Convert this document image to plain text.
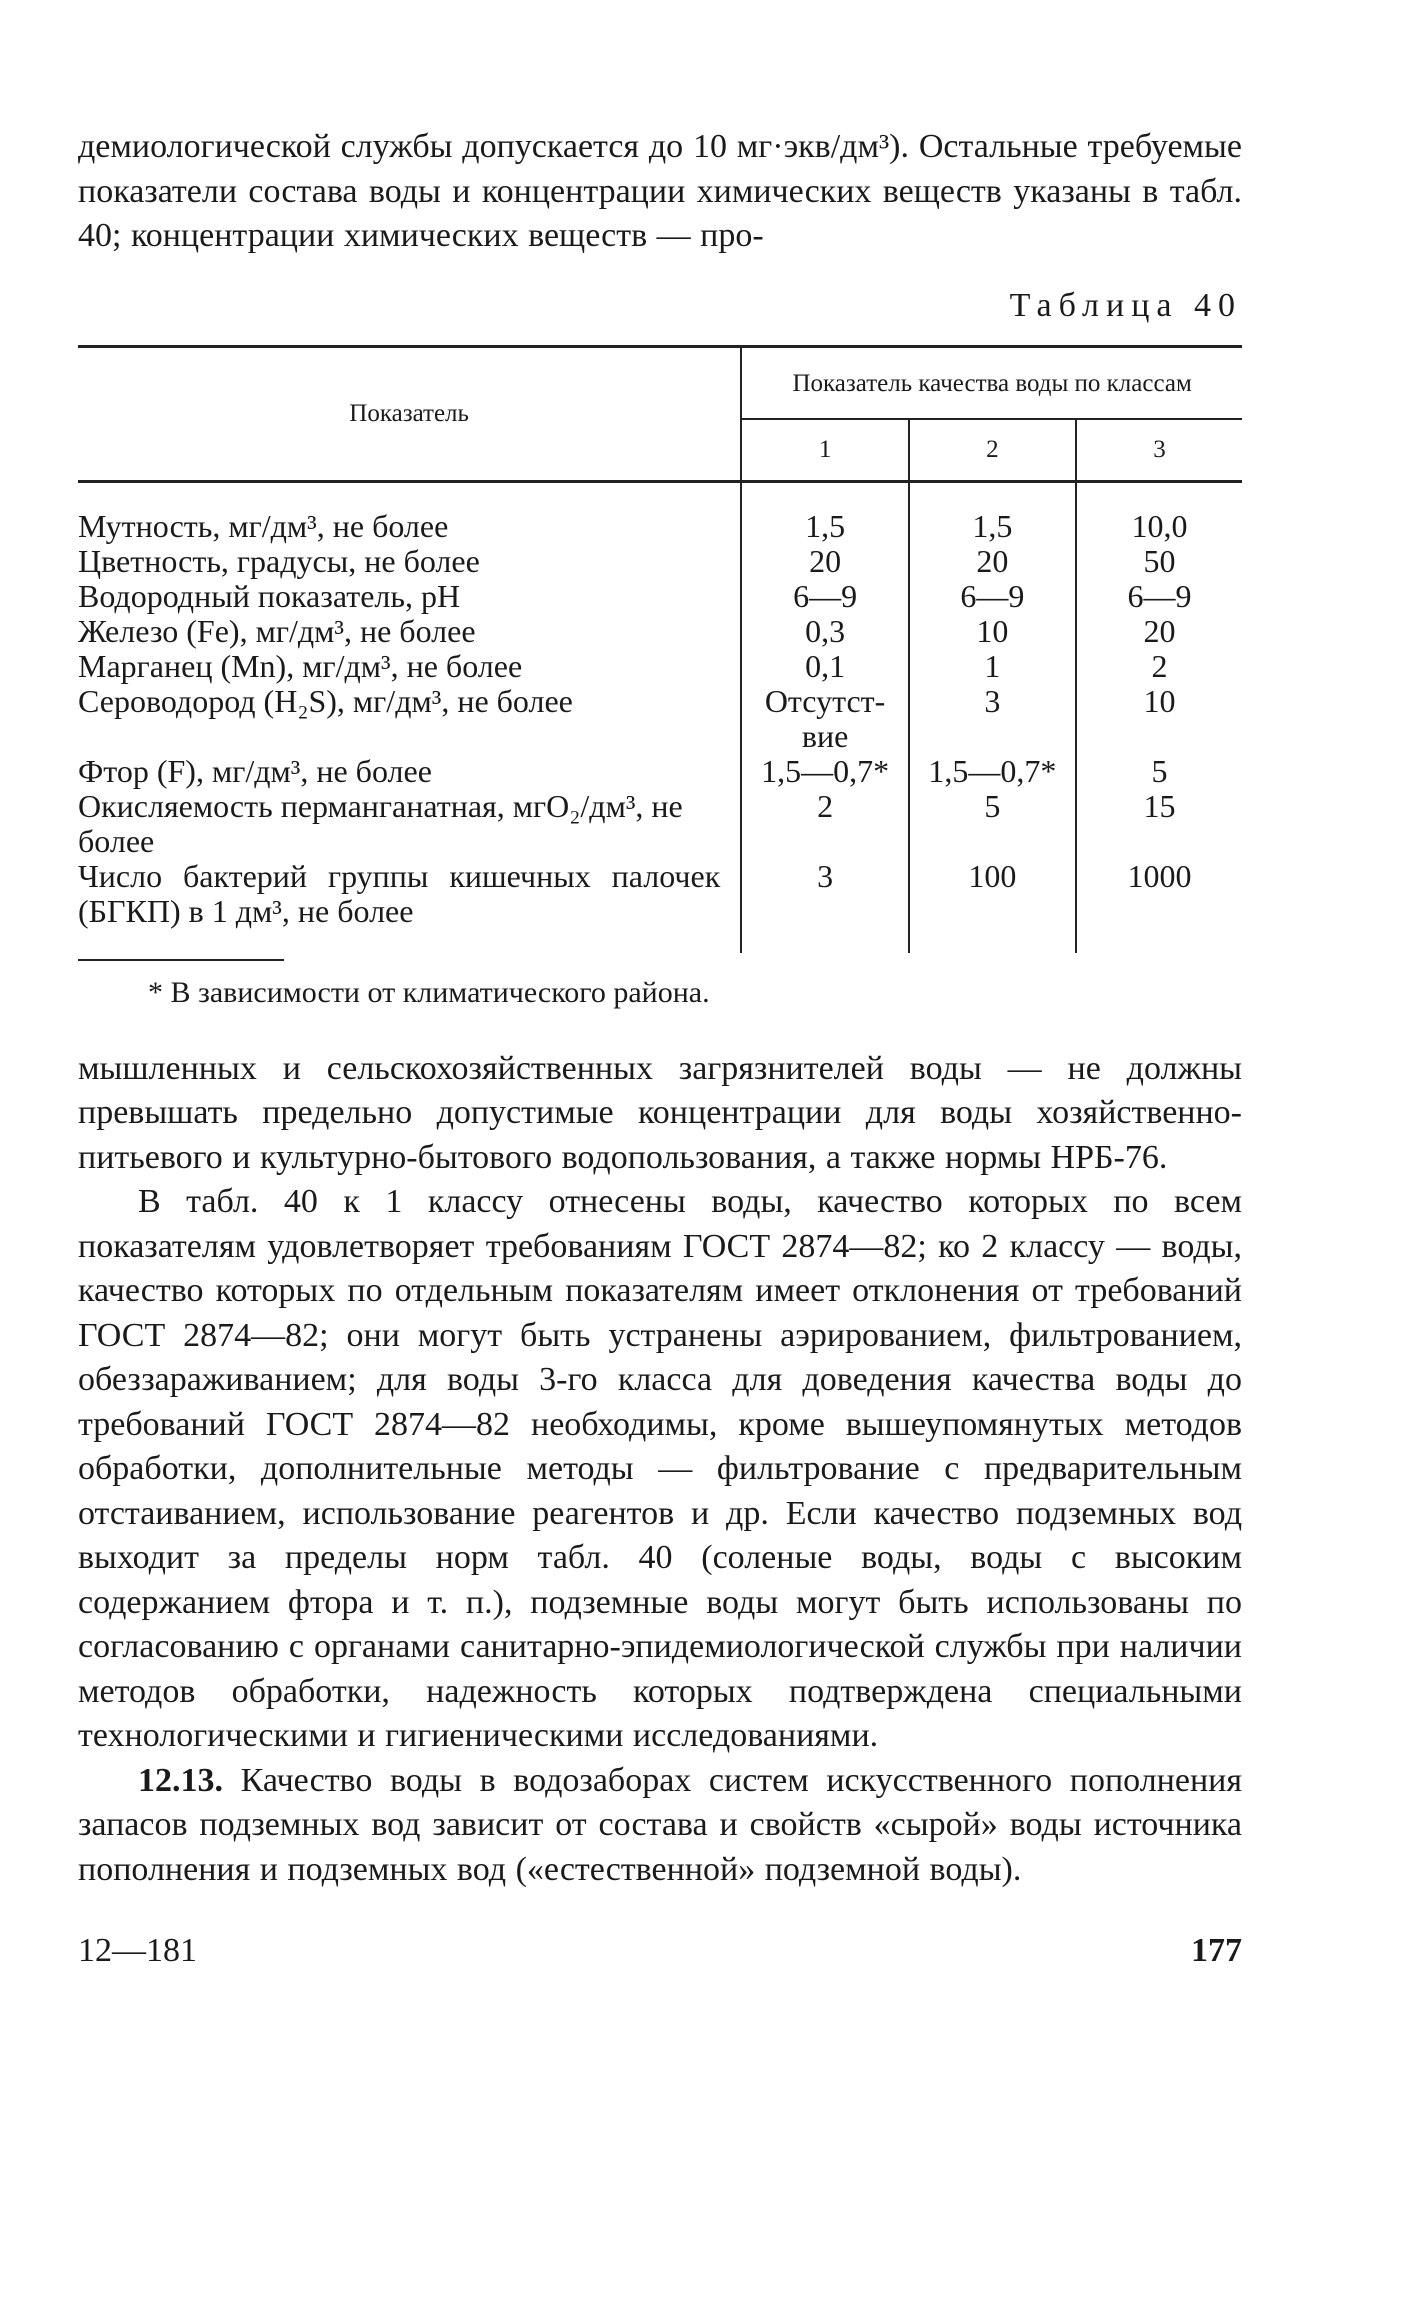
демиологической службы допускается до 10 мг·экв/дм³). Остальные требуемые показатели состава воды и концентрации химических веществ указаны в табл. 40; концентрации химических веществ — про-

Таблица 40
Показатель	Показатель качества воды по классам		
	1	2	3
Мутность, мг/дм³, не более	1,5	1,5	10,0
Цветность, градусы, не более	20	20	50
Водородный показатель, рН	6—9	6—9	6—9
Железо (Fe), мг/дм³, не более	0,3	10	20
Марганец (Mn), мг/дм³, не более	0,1	1	2
Сероводород (H₂S), мг/дм³, не более	Отсутст-вие	3	10
Фтор (F), мг/дм³, не более	1,5—0,7*	1,5—0,7*	5
Окисляемость перманганатная, мгO₂/дм³, не более	2	5	15
Число бактерий группы кишечных палочек (БГКП) в 1 дм³, не более	3	100	1000
* В зависимости от климатического района.

мышленных и сельскохозяйственных загрязнителей воды — не должны превышать предельно допустимые концентрации для воды хозяйственно-питьевого и культурно-бытового водопользования, а также нормы НРБ-76.

В табл. 40 к 1 классу отнесены воды, качество которых по всем показателям удовлетворяет требованиям ГОСТ 2874—82; ко 2 классу — воды, качество которых по отдельным показателям имеет отклонения от требований ГОСТ 2874—82; они могут быть устранены аэрированием, фильтрованием, обеззараживанием; для воды 3-го класса для доведения качества воды до требований ГОСТ 2874—82 необходимы, кроме вышеупомянутых методов обработки, дополнительные методы — фильтрование с предварительным отстаиванием, использование реагентов и др. Если качество подземных вод выходит за пределы норм табл. 40 (соленые воды, воды с высоким содержанием фтора и т. п.), подземные воды могут быть использованы по согласованию с органами санитарно-эпидемиологической службы при наличии методов обработки, надежность которых подтверждена специальными технологическими и гигиеническими исследованиями.

12.13. Качество воды в водозаборах систем искусственного пополнения запасов подземных вод зависит от состава и свойств «сырой» воды источника пополнения и подземных вод («естественной» подземной воды).

12—181	177
